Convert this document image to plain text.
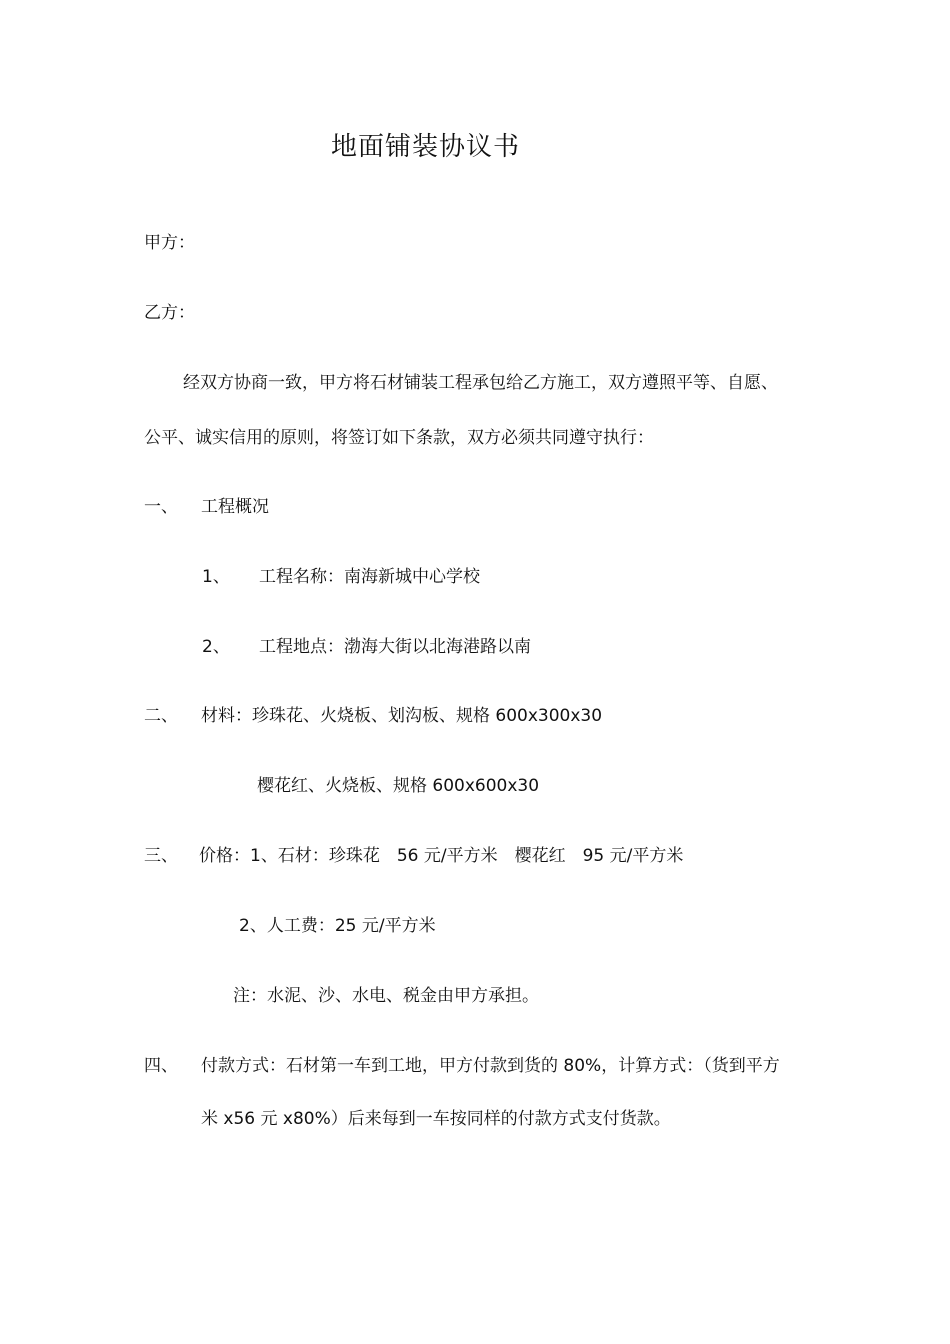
地面铺装协议书
甲方：
乙方：
经双方协商一致，甲方将石材铺装工程承包给乙方施工，双方遵照平等、自愿、
公平、诚实信用的原则，将签订如下条款，双方必须共同遵守执行：
一、 工程概况
1、 工程名称：南海新城中心学校
2、 工程地点：渤海大街以北海港路以南
二、 材料：珍珠花、火烧板、划沟板、规格 600x300x30
樱花红、火烧板、规格 600x600x30
三、 价格：1、石材：珍珠花　56 元/平方米　樱花红　95 元/平方米
2、人工费：25 元/平方米
注：水泥、沙、水电、税金由甲方承担。
四、 付款方式：石材第一车到工地，甲方付款到货的 80%，计算方式：（货到平方
米 x56 元 x80%）后来每到一车按同样的付款方式支付货款。
